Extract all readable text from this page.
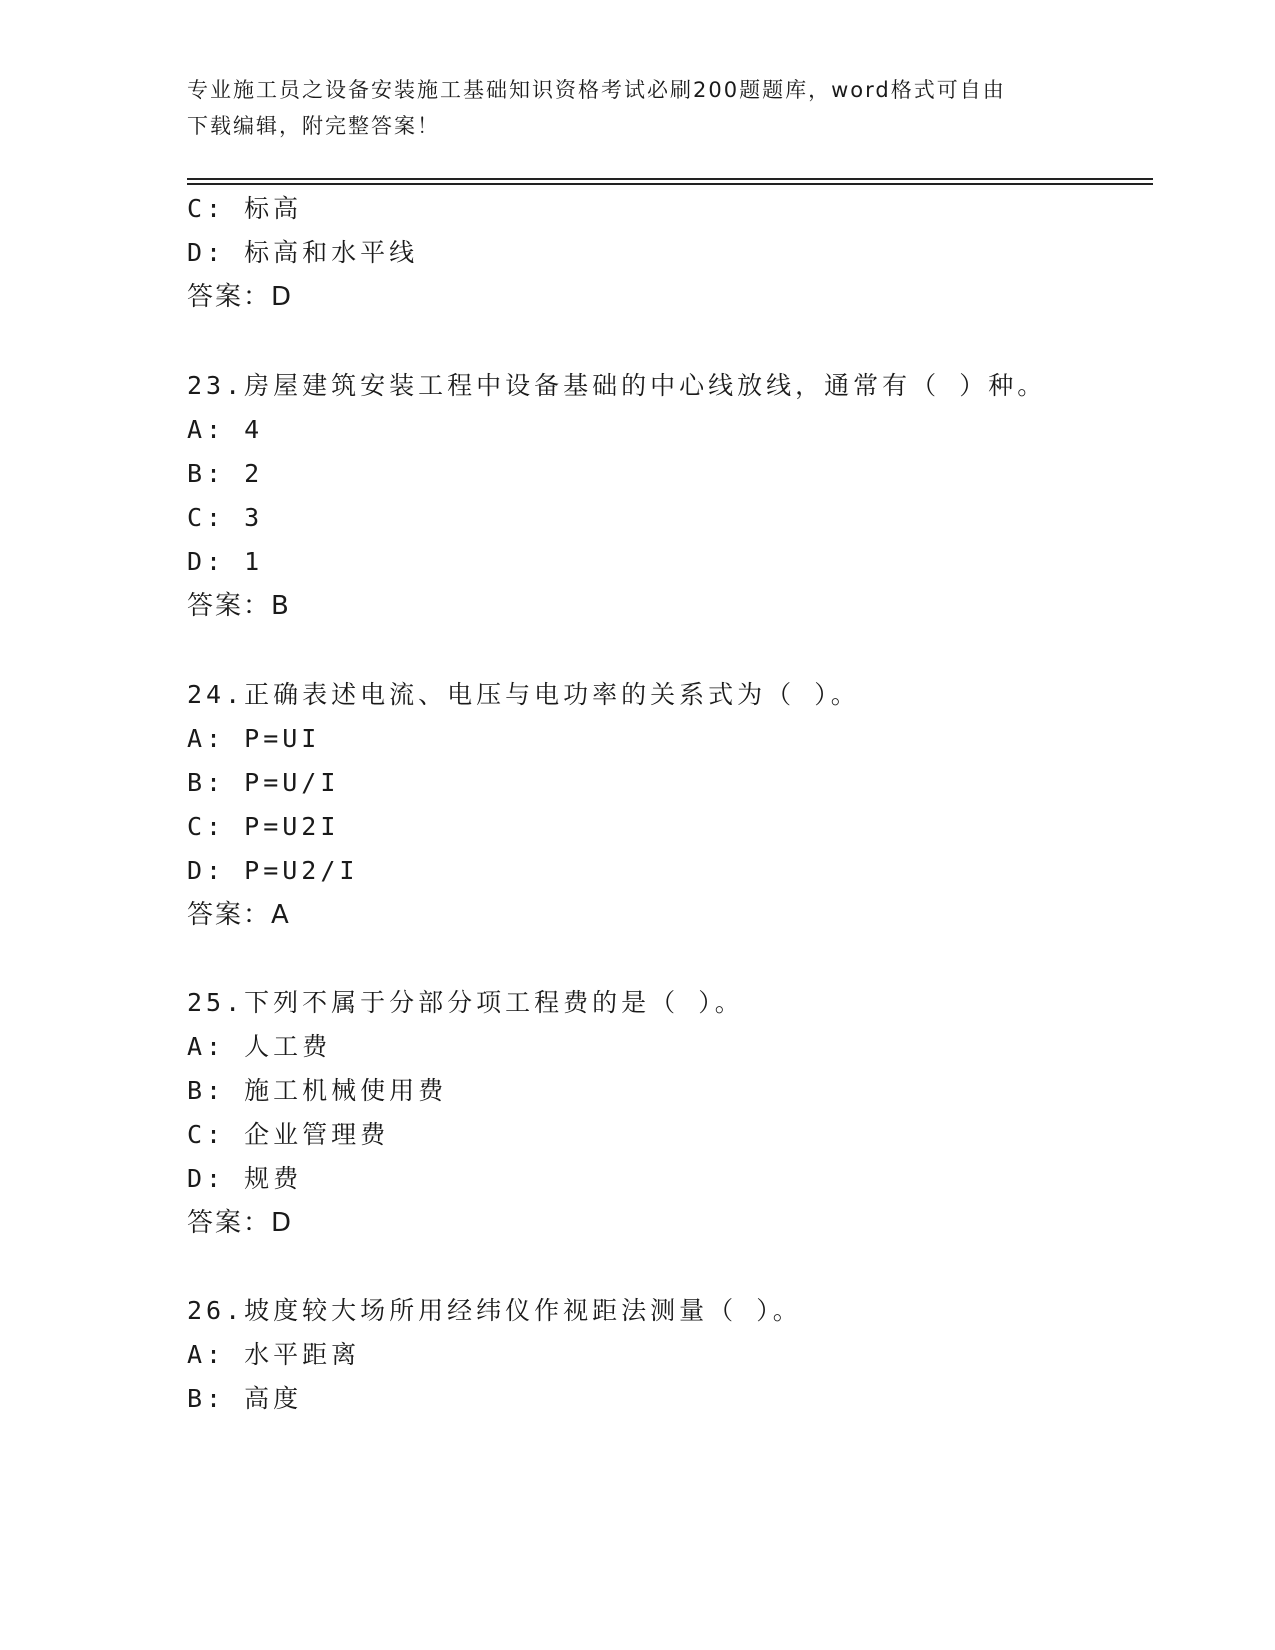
专业施工员之设备安装施工基础知识资格考试必刷200题题库，word格式可自由
下载编辑，附完整答案！
C: 标高
D: 标高和水平线
答案：D
23.房屋建筑安装工程中设备基础的中心线放线，通常有（ ）种。
A: 4
B: 2
C: 3
D: 1
答案：B
24.正确表述电流、电压与电功率的关系式为（ ）。
A: P=UI
B: P=U/I
C: P=U2I
D: P=U2/I
答案：A
25.下列不属于分部分项工程费的是（ ）。
A: 人工费
B: 施工机械使用费
C: 企业管理费
D: 规费
答案：D
26.坡度较大场所用经纬仪作视距法测量（ ）。
A: 水平距离
B: 高度
